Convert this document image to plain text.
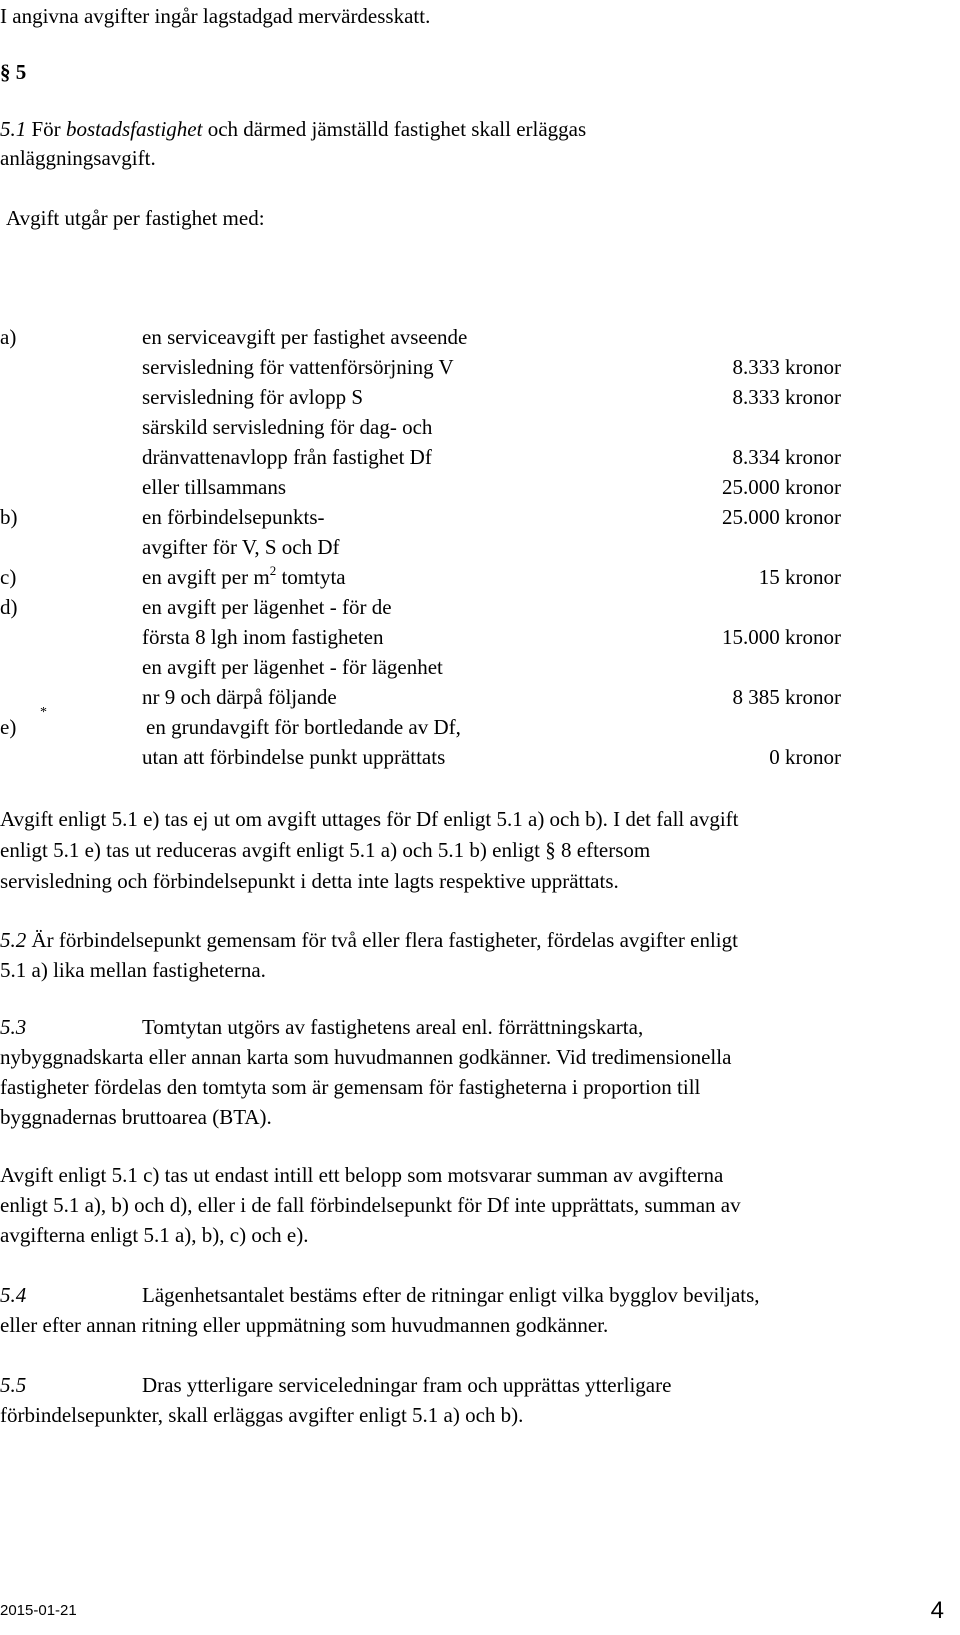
I angivna avgifter ingår lagstadgad mervärdesskatt.

§ 5

5.1 För bostadsfastighet och därmed jämställd fastighet skall erläggas

anläggningsavgift.

Avgift utgår per fastighet med:

a)	en serviceavgift per fastighet avseende
servisledning för vattenförsörjning V	8.333 kronor
servisledning för avlopp S	8.333 kronor
särskild servisledning för dag- och
dränvattenavlopp från fastighet Df	8.334 kronor
eller tillsammans	25.000 kronor
b)	en förbindelsepunkts-	25.000 kronor
avgifter för V, S och Df
c)	en avgift per $m^2$ tomtyta	15 kronor
d)	en avgift per lägenhet - för de
första 8 lgh inom fastigheten	15.000 kronor
en avgift per lägenhet - för lägenhet
nr 9 och därpå följande	8 385 kronor
*
e)	en grundavgift för bortledande av Df,
utan att förbindelse punkt upprättats	0 kronor

Avgift enligt 5.1 e) tas ej ut om avgift uttages för Df enligt 5.1 a) och b). I det fall avgift

enligt 5.1 e) tas ut reduceras avgift enligt 5.1 a) och 5.1 b) enligt § 8 eftersom

servisledning och förbindelsepunkt i detta inte lagts respektive upprättats.

5.2 Är förbindelsepunkt gemensam för två eller flera fastigheter, fördelas avgifter enligt

5.1 a) lika mellan fastigheterna.

5.3	Tomtytan utgörs av fastighetens areal enl. förrättningskarta,

nybyggnadskarta eller annan karta som huvudmannen godkänner. Vid tredimensionella

fastigheter fördelas den tomtyta som är gemensam för fastigheterna i proportion till

byggnadernas bruttoarea (BTA).

Avgift enligt 5.1 c) tas ut endast intill ett belopp som motsvarar summan av avgifterna

enligt 5.1 a), b) och d), eller i de fall förbindelsepunkt för Df inte upprättats, summan av

avgifterna enligt 5.1 a), b), c) och e).

5.4	Lägenhetsantalet bestäms efter de ritningar enligt vilka bygglov beviljats,

eller efter annan ritning eller uppmätning som huvudmannen godkänner.

5.5	Dras ytterligare serviceledningar fram och upprättas ytterligare

förbindelsepunkter, skall erläggas avgifter enligt 5.1 a) och b).

2015-01-21	4
